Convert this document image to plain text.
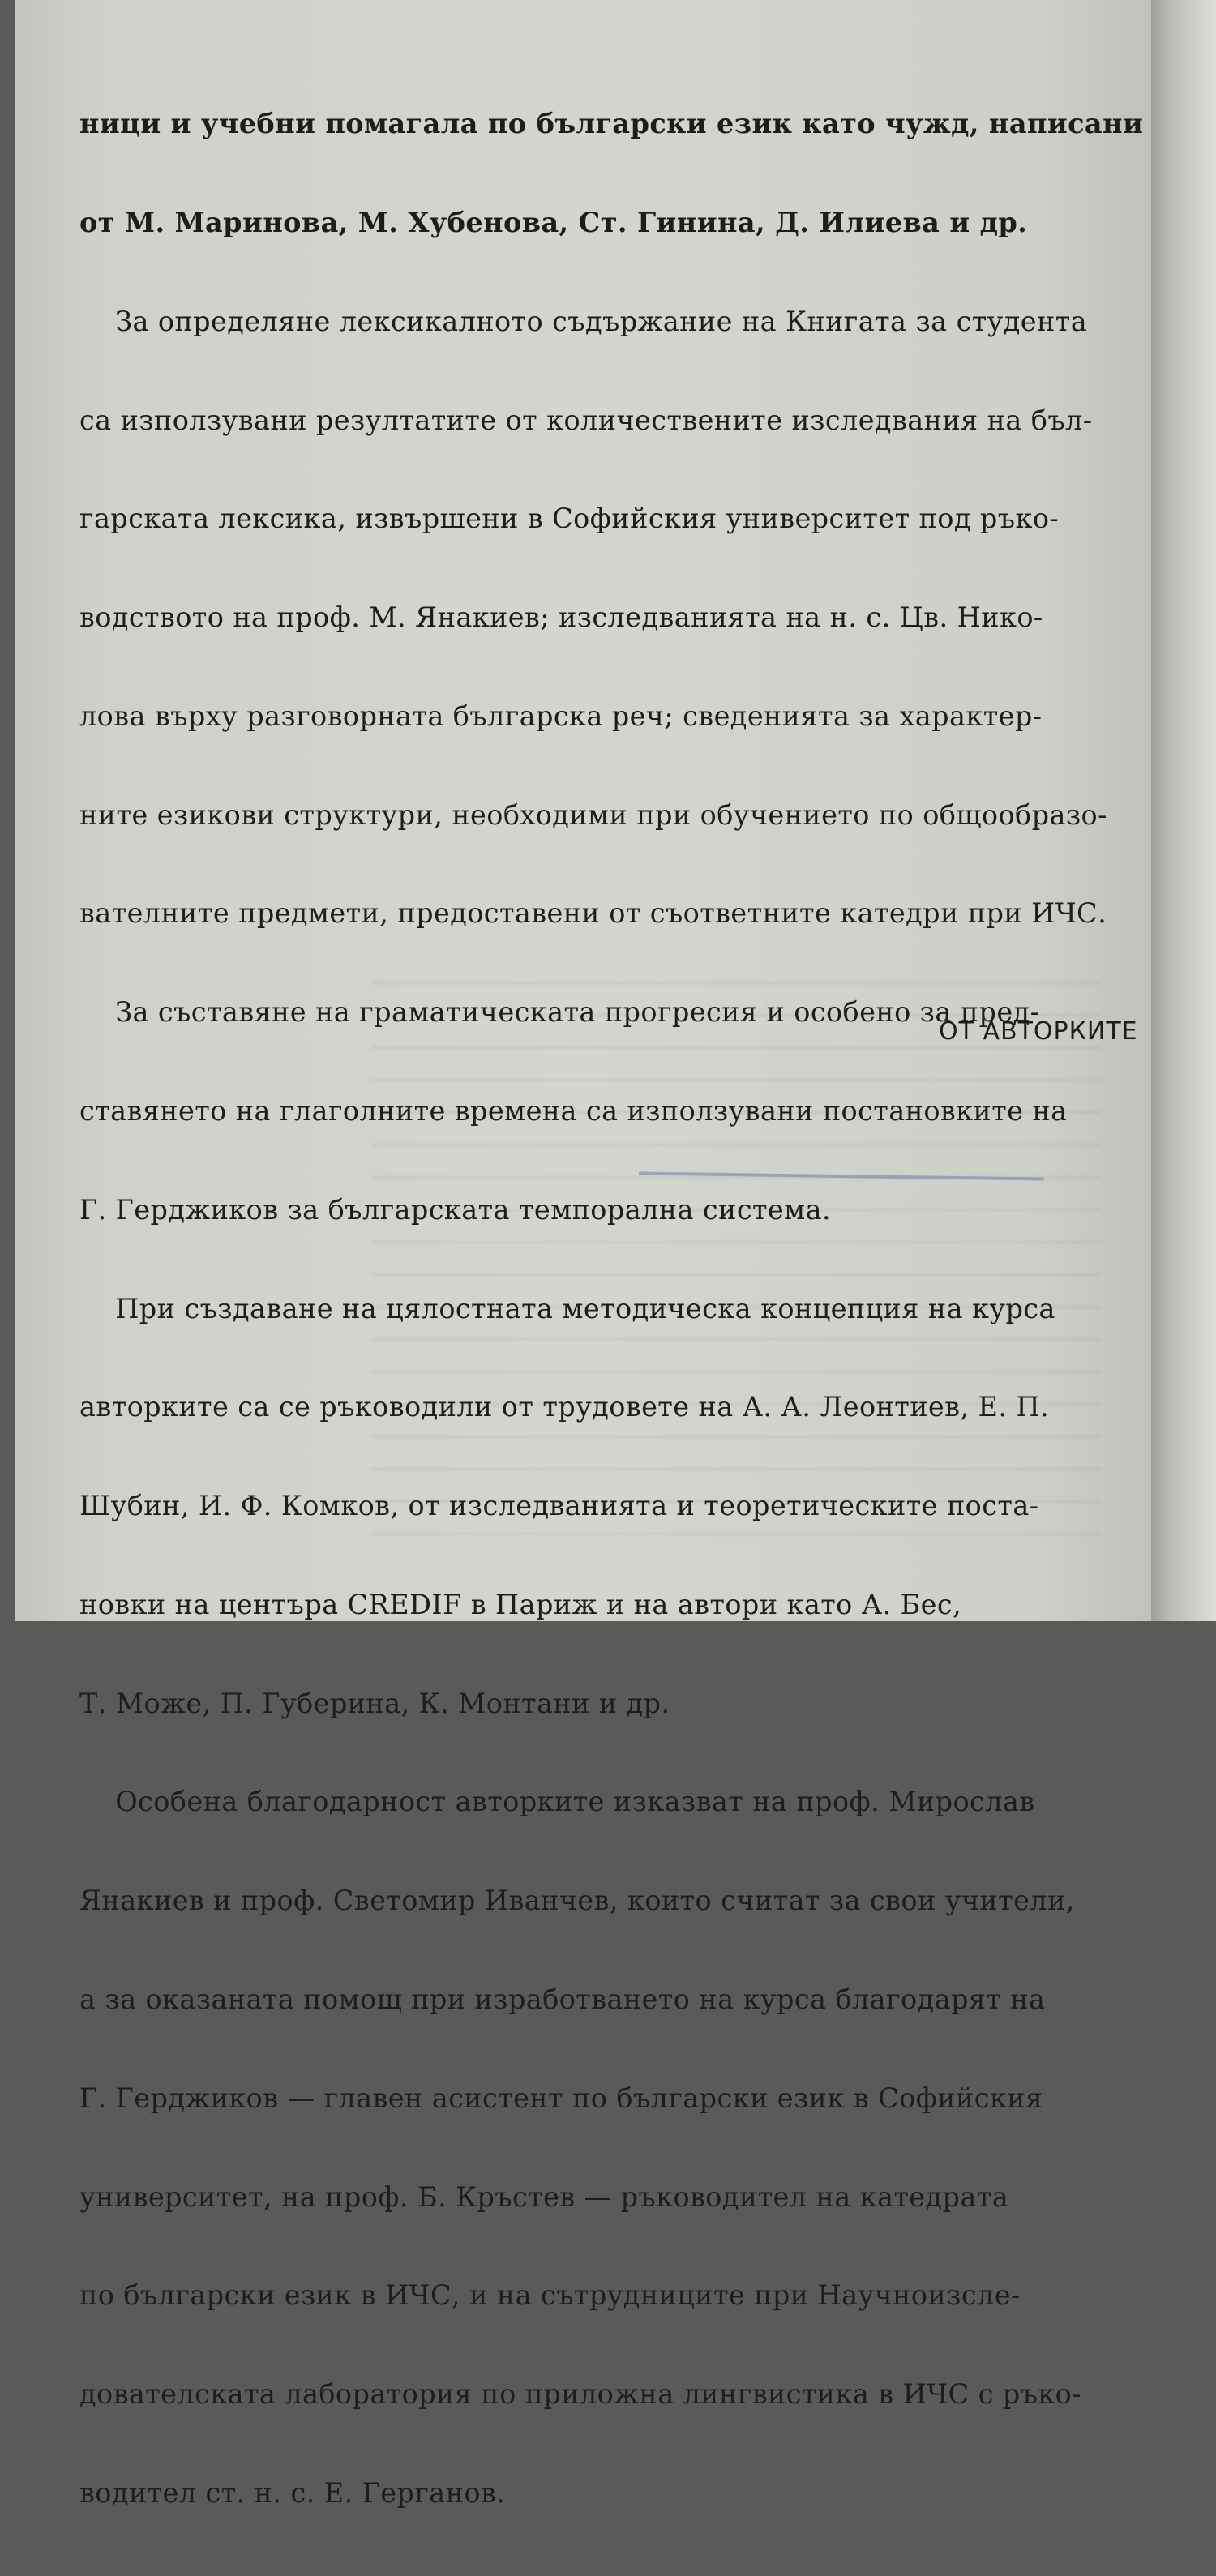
ници и учебни помагала по български език като чужд, написани

от М. Маринова, М. Хубенова, Ст. Гинина, Д. Илиева и др.

За определяне лексикалното съдържание на Книгата за студента

са използувани резултатите от количествените изследвания на бъл-

гарската лексика, извършени в Софийския университет под ръко-

водството на проф. М. Янакиев; изследванията на н. с. Цв. Нико-

лова върху разговорната българска реч; сведенията за характер-

ните езикови структури, необходими при обучението по общообразо-

вателните предмети, предоставени от съответните катедри при ИЧС.

За съставяне на граматическата прогресия и особено за пред-

ставянето на глаголните времена са използувани постановките на

Г. Герджиков за българската темпорална система.

При създаване на цялостната методическа концепция на курса

авторките са се ръководили от трудовете на А. А. Леонтиев, Е. П.

Шубин, И. Ф. Комков, от изследванията и теоретическите поста-

новки на центъра CREDIF в Париж и на автори като А. Бес,

Т. Може, П. Губерина, К. Монтани и др.

Особена благодарност авторките изказват на проф. Мирослав

Янакиев и проф. Светомир Иванчев, които считат за свои учители,

а за оказаната помощ при изработването на курса благодарят на

Г. Герджиков — главен асистент по български език в Софийския

университет, на проф. Б. Кръстев — ръководител на катедрата

по български език в ИЧС, и на сътрудниците при Научноизсле-

дователската лаборатория по приложна лингвистика в ИЧС с ръко-

водител ст. н. с. Е. Герганов.

ОТ АВТОРКИТЕ
